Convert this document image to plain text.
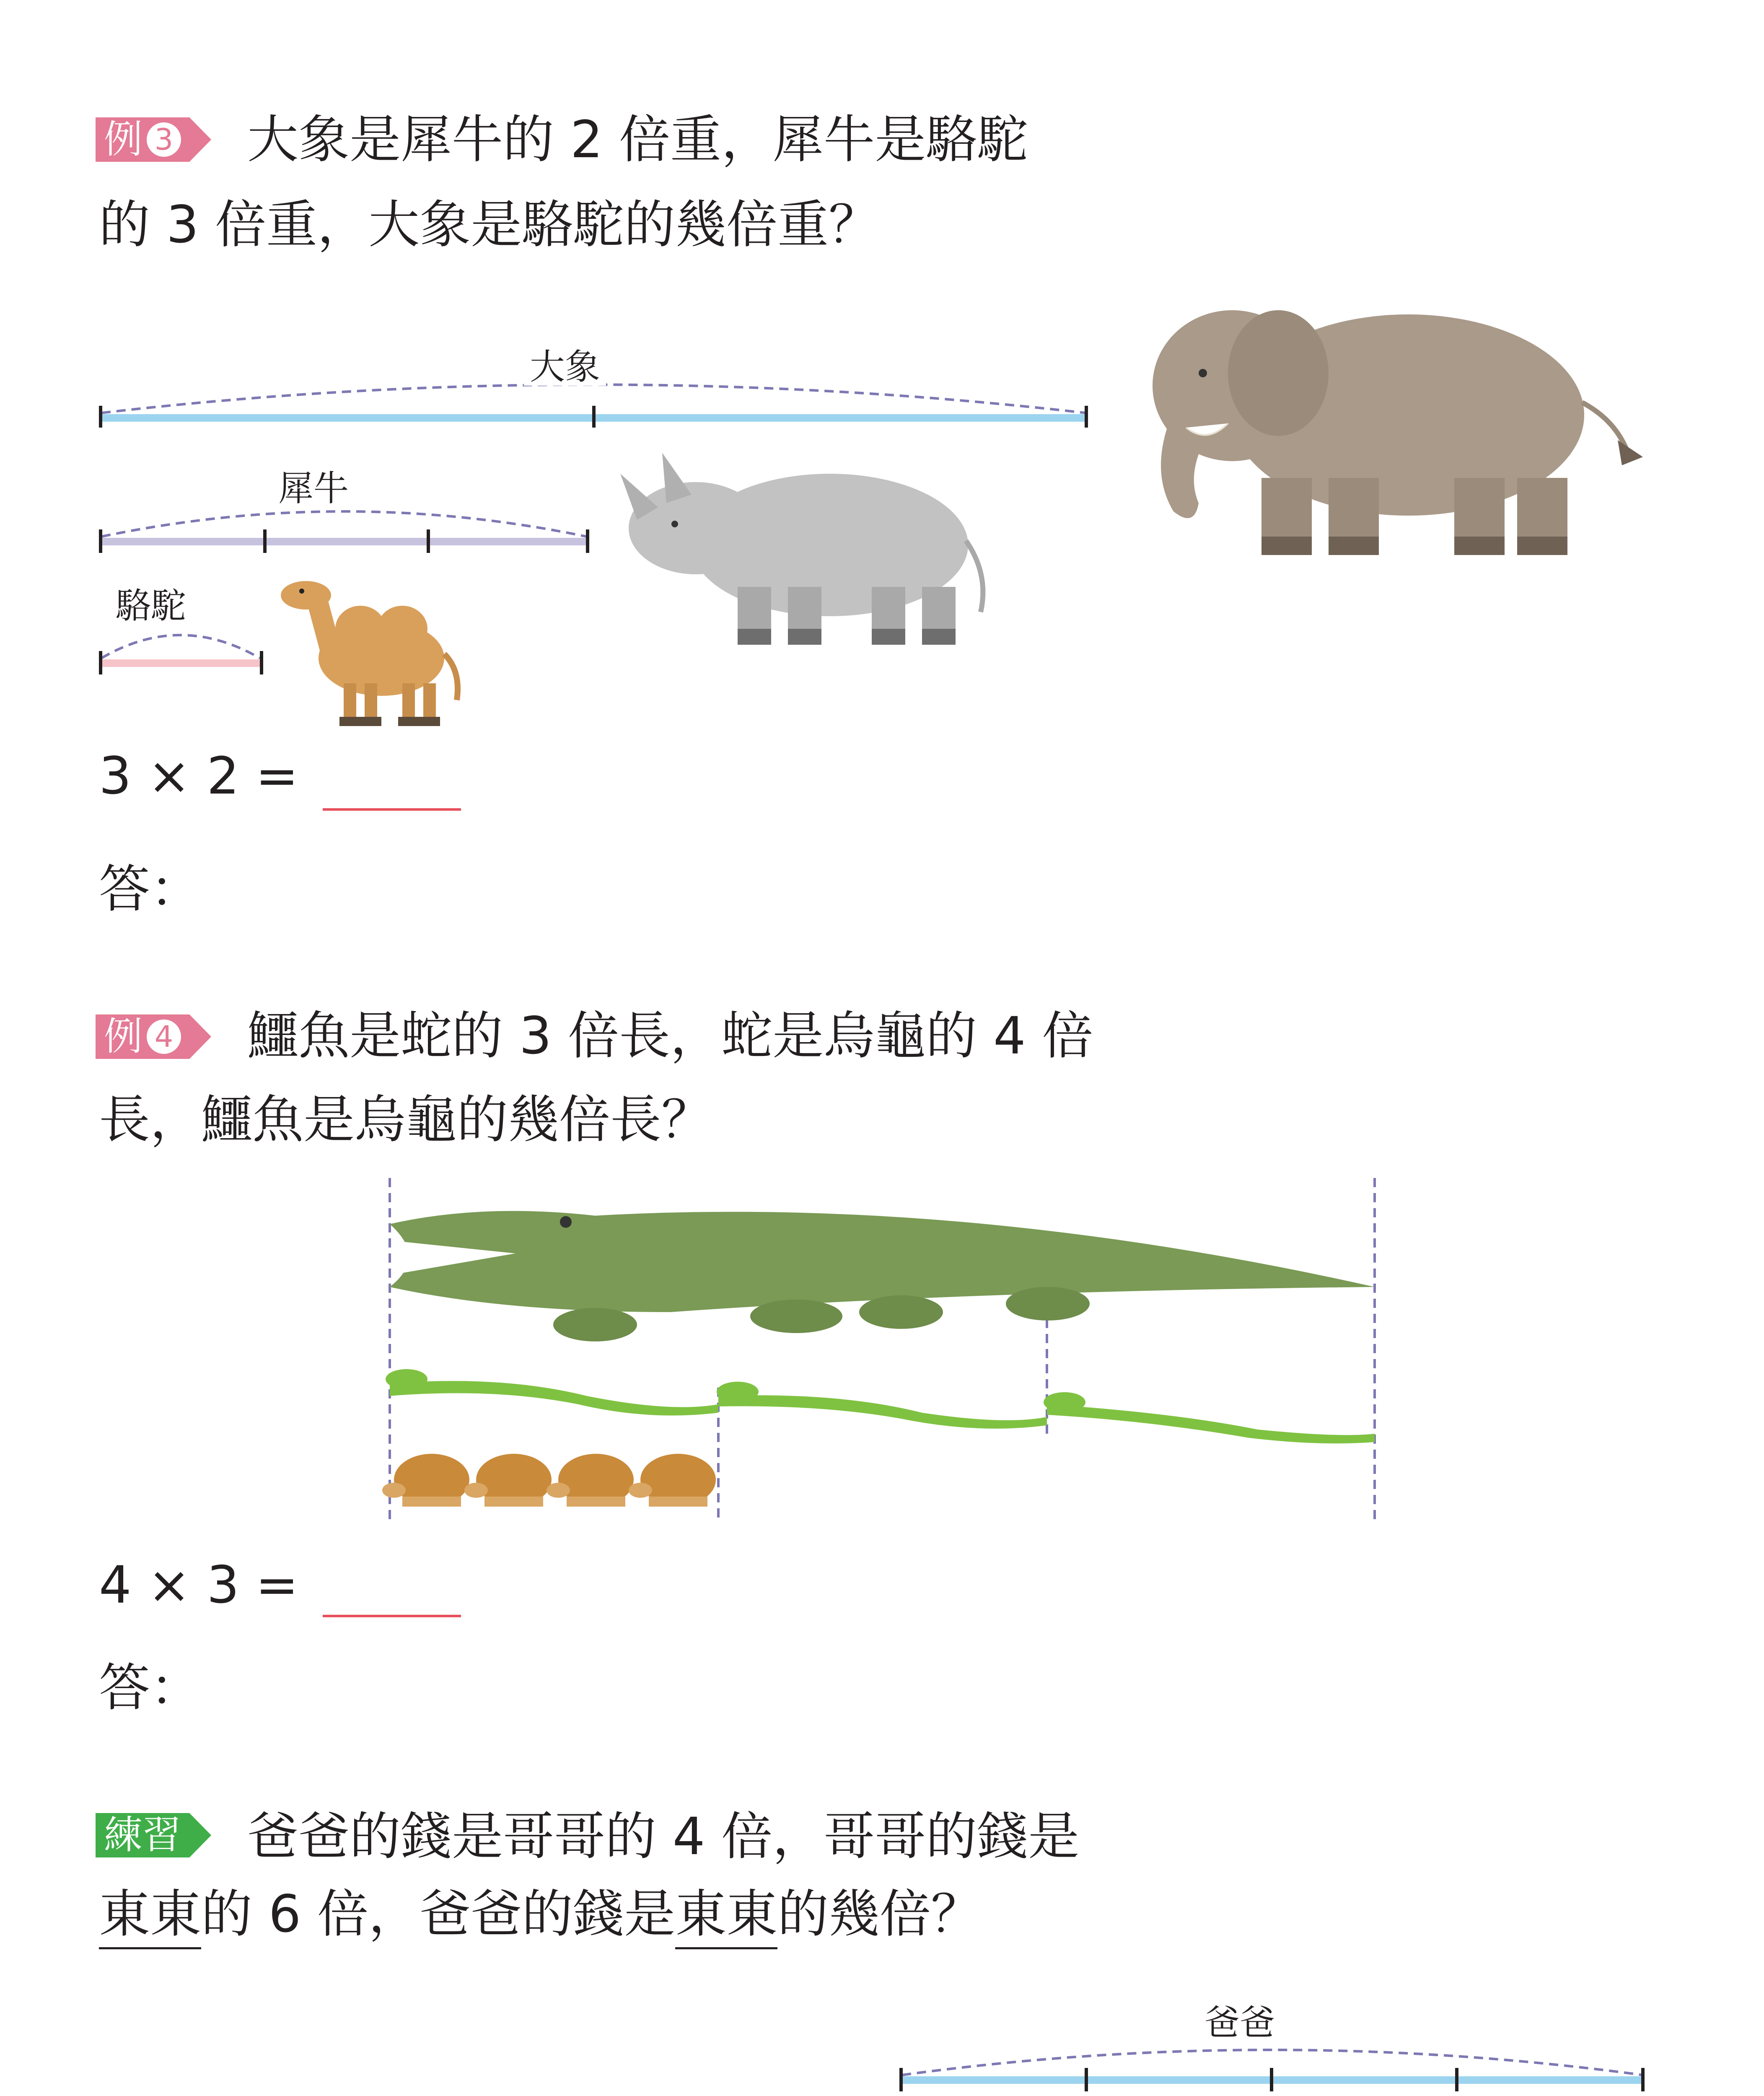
例 3 大象是犀牛的 2 倍重，犀牛是駱駝
的 3 倍重，大象是駱駝的幾倍重？
大象
犀牛
駱駝
3 × 2 =
答：
例 4 鱷魚是蛇的 3 倍長，蛇是烏龜的 4 倍
長，鱷魚是烏龜的幾倍長？
4 × 3 =
答：
練習 爸爸的錢是哥哥的 4 倍，哥哥的錢是
東東的 6 倍，爸爸的錢是東東的幾倍？
爸爸
